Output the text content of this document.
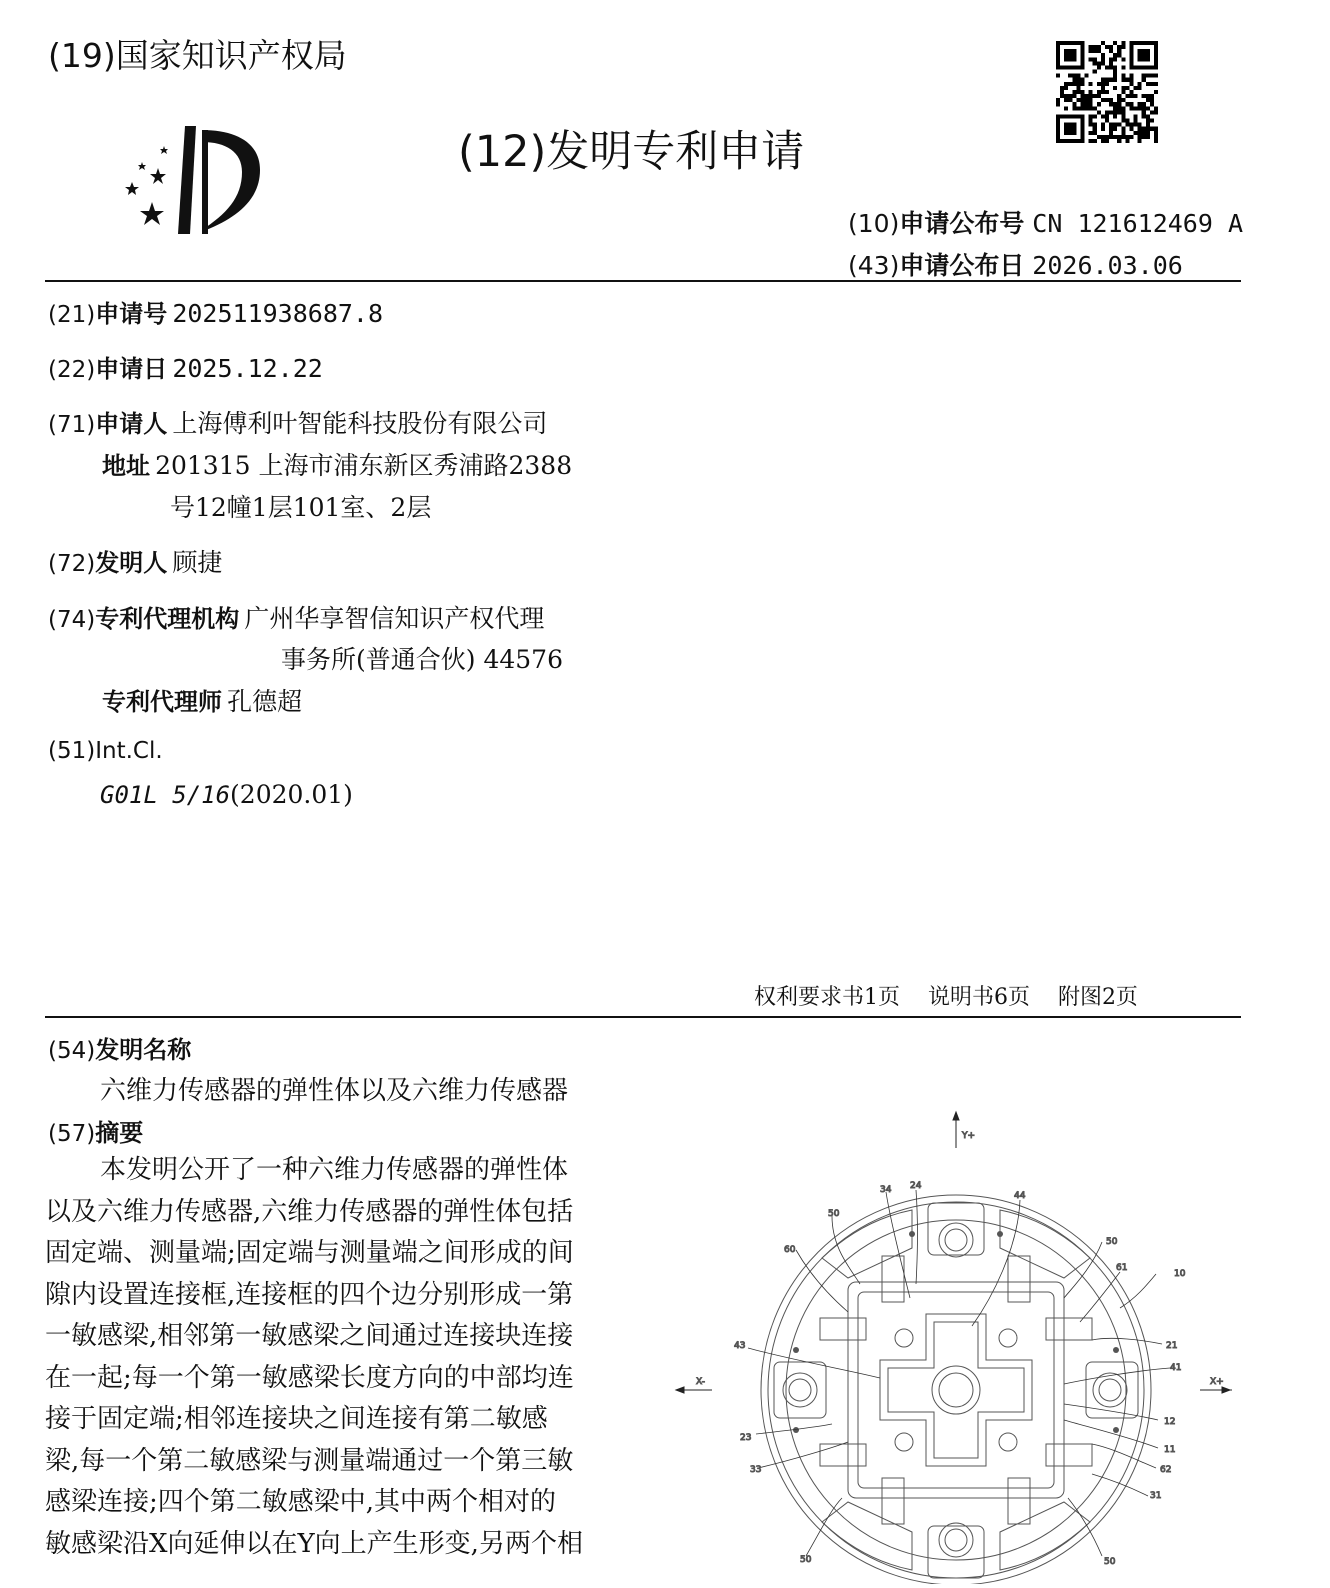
(19)国家知识产权局
(12)发明专利申请
(10)申请公布号 CN 121612469 A
(43)申请公布日 2026.03.06
(21)申请号 202511938687.8
(22)申请日 2025.12.22
(71)申请人 上海傅利叶智能科技股份有限公司
地址 201315 上海市浦东新区秀浦路2388
号12幢1层101室、2层
(72)发明人 顾捷
(74)专利代理机构 广州华享智信知识产权代理
事务所(普通合伙) 44576
专利代理师 孔德超
(51)Int.Cl.
G01L 5/16(2020.01)
权利要求书1页    说明书6页    附图2页
(54)发明名称
六维力传感器的弹性体以及六维力传感器
(57)摘要

本发明公开了一种六维力传感器的弹性体

以及六维力传感器,六维力传感器的弹性体包括

固定端、测量端;固定端与测量端之间形成的间

隙内设置连接框,连接框的四个边分别形成一第

一敏感梁,相邻第一敏感梁之间通过连接块连接

在一起;每一个第一敏感梁长度方向的中部均连

接于固定端;相邻连接块之间连接有第二敏感

梁,每一个第二敏感梁与测量端通过一个第三敏

感梁连接;四个第二敏感梁中,其中两个相对的

敏感梁沿X向延伸以在Y向上产生形变,另两个相

Y+
X-	X+
34 24
44
50
50
60
61
10
21
41
43
12
11
23
33	62
31
50	50
